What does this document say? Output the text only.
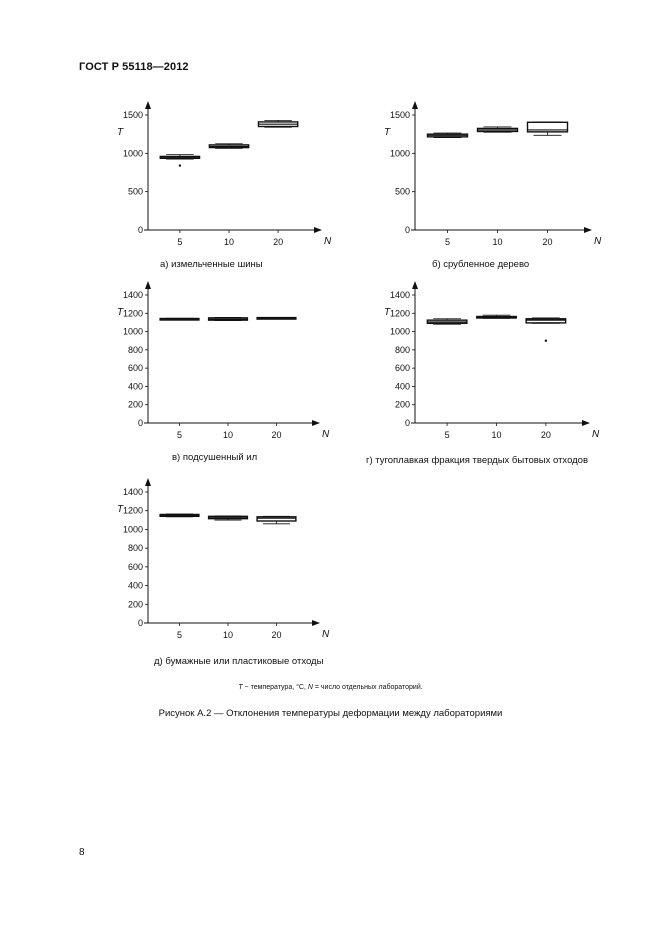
ГОСТ Р 55118—2012
0
500
1000
1500
T
5	10	20	N
а) измельченные шины
0
500
1000
1500
T
5	10	20	N
б) срубленное дерево
0
200
400
600
800
1000
1200
1400
T
5	10	20	N
в) подсушенный ил
0
200
400
600
800
1000
1200
1400
T
5	10	20	N
г) тугоплавкая фракция твердых бытовых отходов
0
200
400
600
800
1000
1200
1400
T
5	10	20	N
д) бумажные или пластиковые отходы
T − температура, °С, N = число отдельных лабораторий.
Рисунок А.2 — Отклонения температуры деформации между лабораториями
8
